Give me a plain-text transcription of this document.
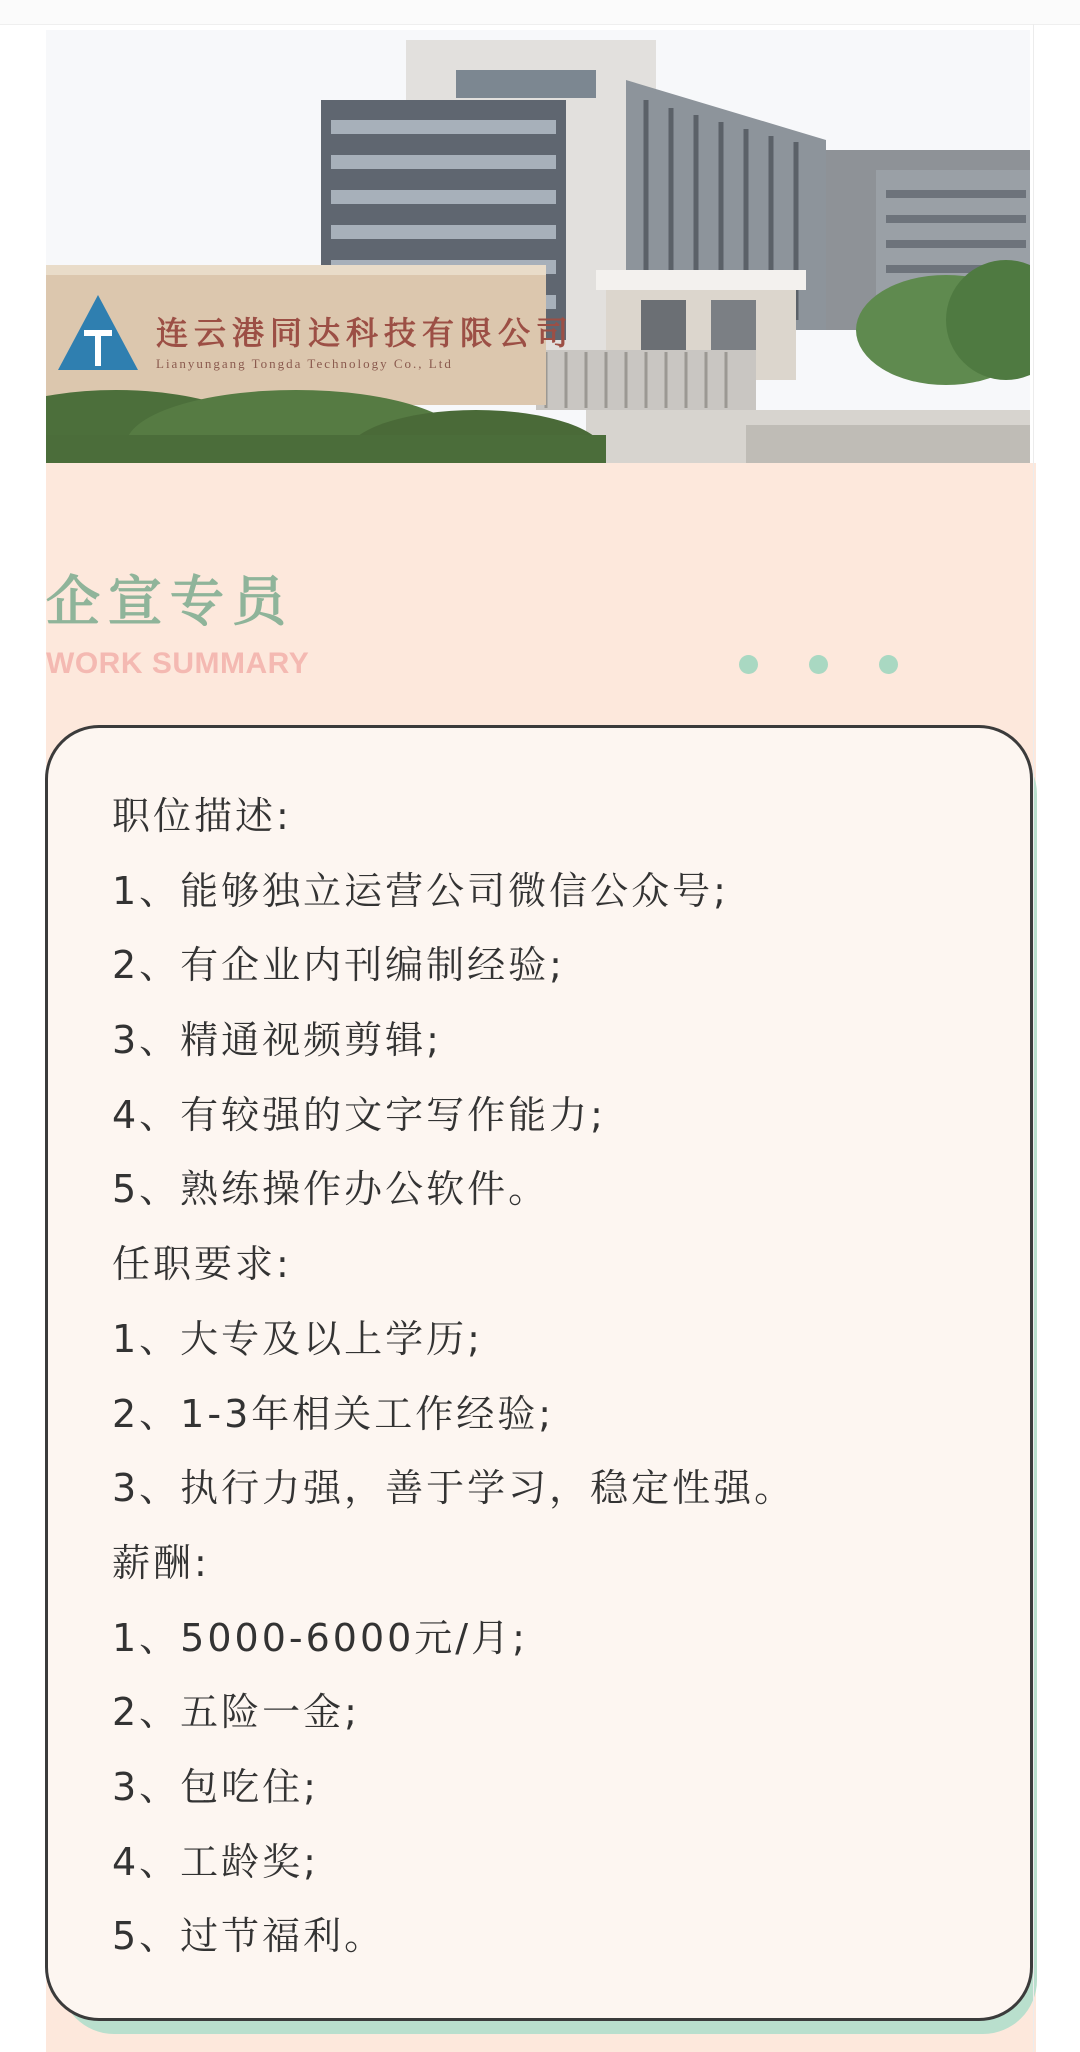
连云港同达科技有限公司
Lianyungang Tongda Technology Co., Ltd
企宣专员
WORK SUMMARY
职位描述:
1、能够独立运营公司微信公众号;
2、有企业内刊编制经验;
3、精通视频剪辑;
4、有较强的文字写作能力;
5、熟练操作办公软件。
任职要求:
1、大专及以上学历;
2、1-3年相关工作经验;
3、执行力强，善于学习，稳定性强。
薪酬:
1、5000-6000元/月;
2、五险一金;
3、包吃住;
4、工龄奖;
5、过节福利。
